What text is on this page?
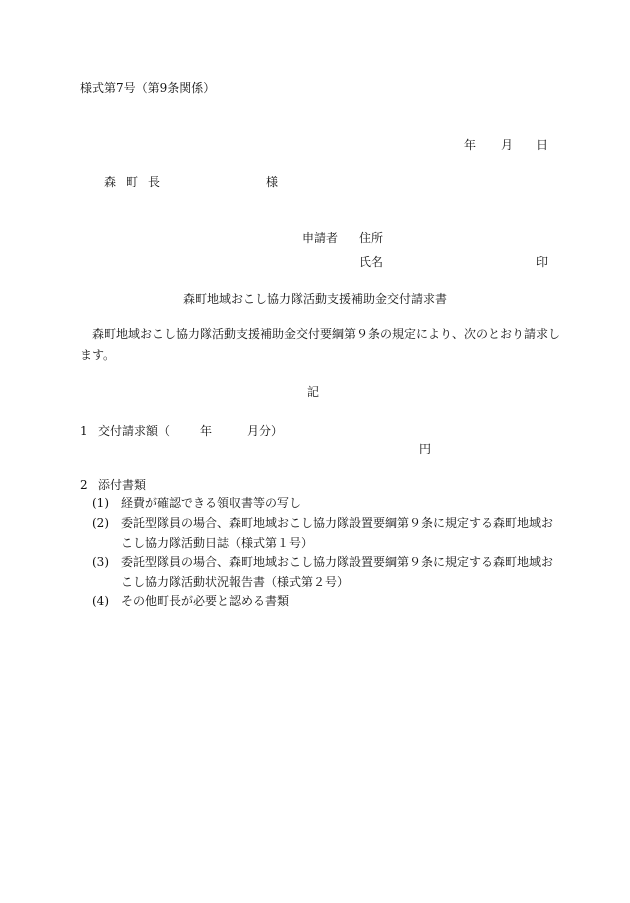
様式第7号（第9条関係）
年 月 日
森 町 長	様
申請者 住所
氏名	印
森町地域おこし協力隊活動支援補助金交付請求書
森町地域おこし協力隊活動支援補助金交付要綱第９条の規定により、次のとおり請求し
ます。
記
1 交付請求額（ 年	月分）
円
2 添付書類
(1) 経費が確認できる領収書等の写し
(2) 委託型隊員の場合、森町地域おこし協力隊設置要綱第９条に規定する森町地域お
こし協力隊活動日誌（様式第１号）
(3) 委託型隊員の場合、森町地域おこし協力隊設置要綱第９条に規定する森町地域お
こし協力隊活動状況報告書（様式第２号）
(4) その他町長が必要と認める書類
